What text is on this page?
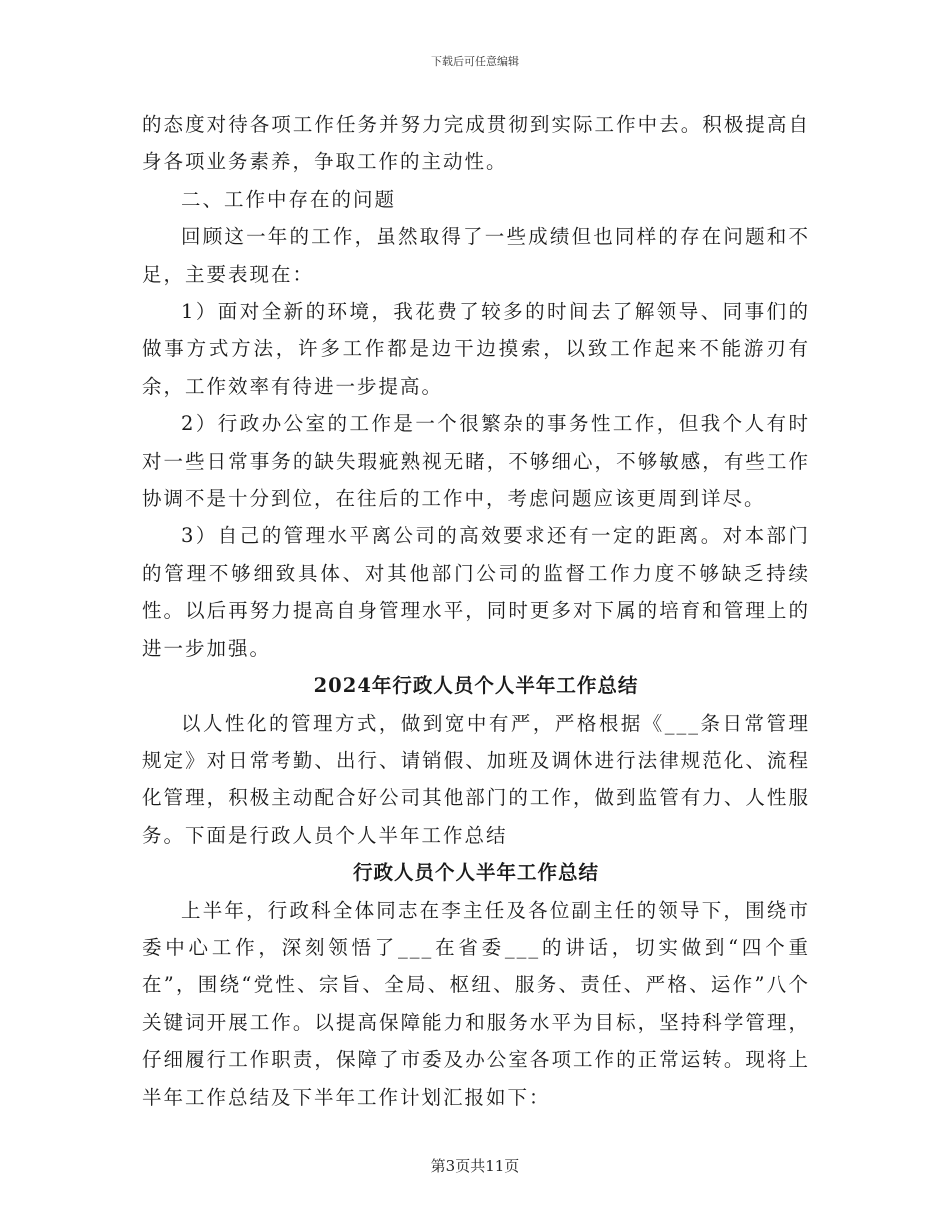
下载后可任意编辑

的态度对待各项工作任务并努力完成贯彻到实际工作中去。积极提高自身各项业务素养，争取工作的主动性。

二、工作中存在的问题

回顾这一年的工作，虽然取得了一些成绩但也同样的存在问题和不足，主要表现在：

1）面对全新的环境，我花费了较多的时间去了解领导、同事们的做事方式方法，许多工作都是边干边摸索，以致工作起来不能游刃有余，工作效率有待进一步提高。

2）行政办公室的工作是一个很繁杂的事务性工作，但我个人有时对一些日常事务的缺失瑕疵熟视无睹，不够细心，不够敏感，有些工作协调不是十分到位，在往后的工作中，考虑问题应该更周到详尽。

3）自己的管理水平离公司的高效要求还有一定的距离。对本部门的管理不够细致具体、对其他部门公司的监督工作力度不够缺乏持续性。以后再努力提高自身管理水平，同时更多对下属的培育和管理上的进一步加强。

2024年行政人员个人半年工作总结

以人性化的管理方式，做到宽中有严，严格根据《___条日常管理规定》对日常考勤、出行、请销假、加班及调休进行法律规范化、流程化管理，积极主动配合好公司其他部门的工作，做到监管有力、人性服务。下面是行政人员个人半年工作总结

行政人员个人半年工作总结

上半年，行政科全体同志在李主任及各位副主任的领导下，围绕市委中心工作，深刻领悟了___在省委___的讲话，切实做到“四个重在”，围绕“党性、宗旨、全局、枢纽、服务、责任、严格、运作”八个关键词开展工作。以提高保障能力和服务水平为目标，坚持科学管理，仔细履行工作职责，保障了市委及办公室各项工作的正常运转。现将上半年工作总结及下半年工作计划汇报如下：

第3页共11页
